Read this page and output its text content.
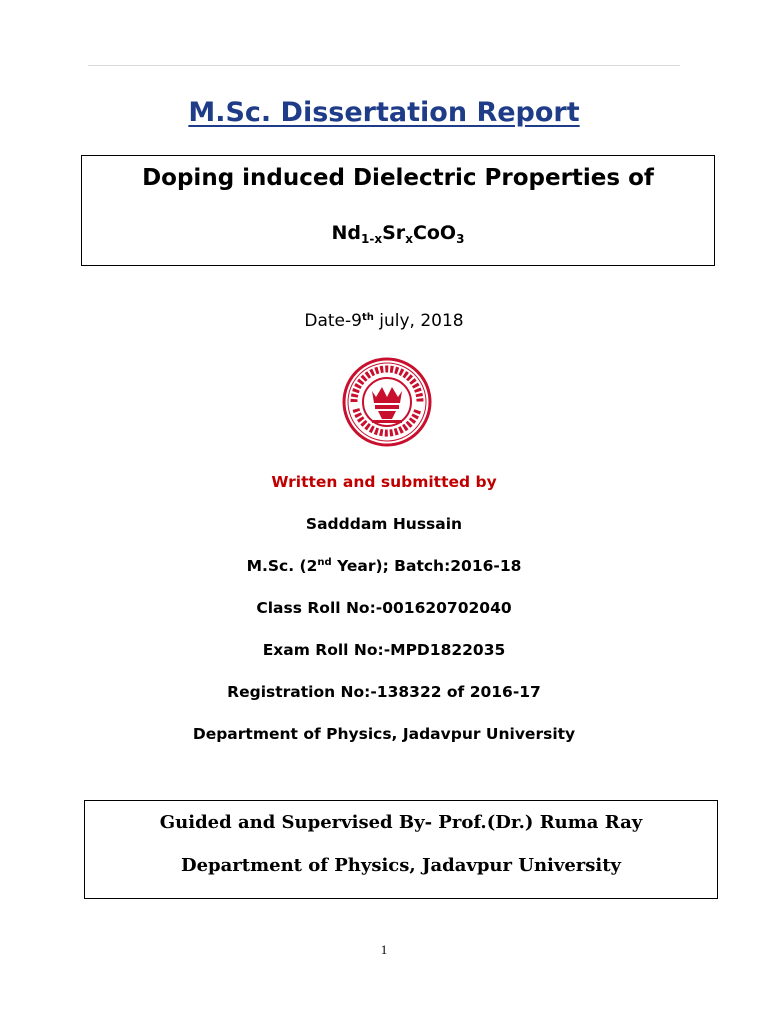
M.Sc. Dissertation Report
Doping induced Dielectric Properties of
$Nd_{1-x}Sr_xCoO_3$
Date-9th july, 2018
Written and submitted by
Sadddam Hussain
M.Sc. (2nd Year); Batch:2016-18
Class Roll No:-001620702040
Exam Roll No:-MPD1822035
Registration No:-138322 of 2016-17
Department of Physics, Jadavpur University
Guided and Supervised By- Prof.(Dr.) Ruma Ray
Department of Physics, Jadavpur University
1
